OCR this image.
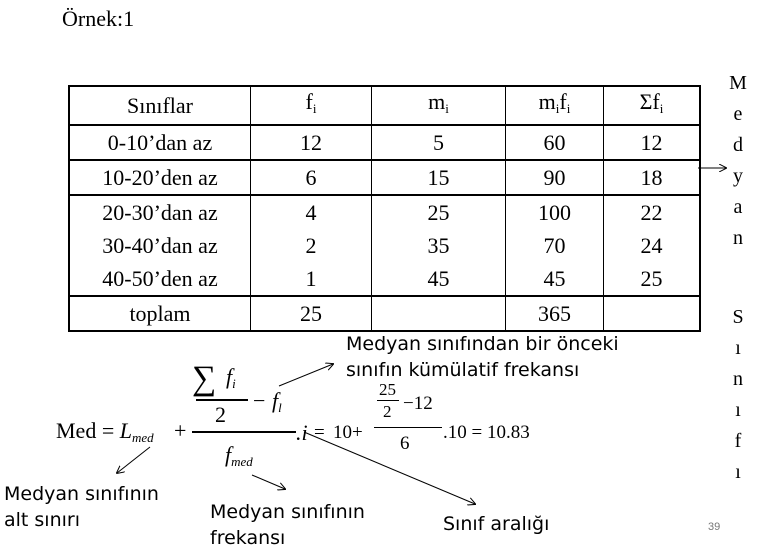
Örnek:1
Sınıflar	$f_i$	$m_i$	$m_if_i$	$\Sigma f_i$
0-10’dan az	12	5	60	12
10-20’den az	6	15	90	18
20-30’dan az	4	25	100	22
30-40’dan az	2	35	70	24
40-50’den az	1	45	45	25
toplam	25		365	
M
e
d
y
a
n
S
ı
n
ı
f
ı
Med = $L_{med}$ +
∑ $f_i$
2
− $f_l$
$f_{med}$
.i = 10+
25
2 −12
6
.10 = 10.83
Medyan sınıfından bir önceki
sınıfın kümülatif frekansı
Medyan sınıfının
alt sınırı	Medyan sınıfının
frekansı
Sınıf aralığı	39
